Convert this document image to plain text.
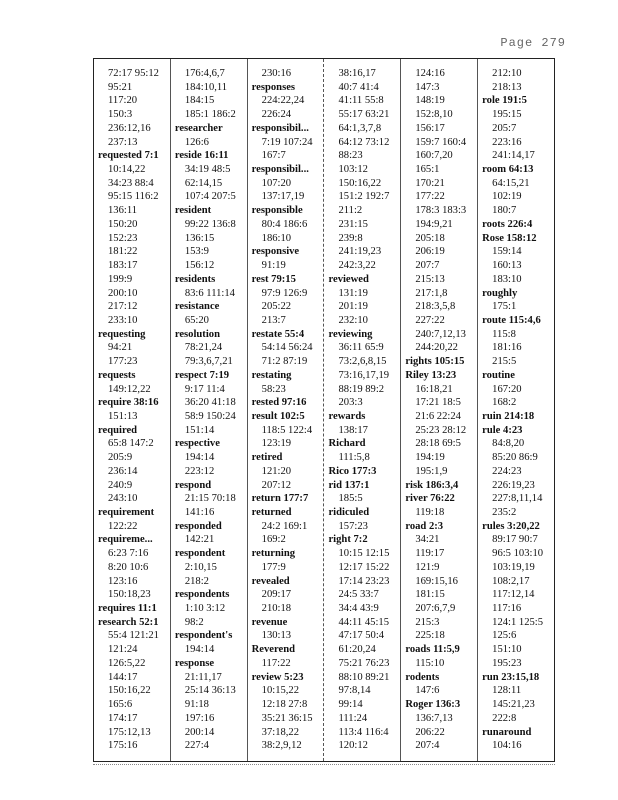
Page 279
72:17 95:12
95:21
117:20
150:3
236:12,16
237:13
requested 7:1
10:14,22
34:23 88:4
95:15 116:2
136:11
150:20
152:23
181:22
183:17
199:9
200:10
217:12
233:10
requesting
94:21
177:23
requests
149:12,22
require 38:16
151:13
required
65:8 147:2
205:9
236:14
240:9
243:10
requirement
122:22
requireme...
6:23 7:16
8:20 10:6
123:16
150:18,23
requires 11:1
research 52:1
55:4 121:21
121:24
126:5,22
144:17
150:16,22
165:6
174:17
175:12,13
175:16
176:4,6,7
184:10,11
184:15
185:1 186:2
researcher
126:6
reside 16:11
34:19 48:5
62:14,15
107:4 207:5
resident
99:22 136:8
136:15
153:9
156:12
residents
83:6 111:14
resistance
65:20
resolution
78:21,24
79:3,6,7,21
respect 7:19
9:17 11:4
36:20 41:18
58:9 150:24
151:14
respective
194:14
223:12
respond
21:15 70:18
141:16
responded
142:21
respondent
2:10,15
218:2
respondents
1:10 3:12
98:2
respondent's
194:14
response
21:11,17
25:14 36:13
91:18
197:16
200:14
227:4
230:16
responses
224:22,24
226:24
responsibil...
7:19 107:24
167:7
responsibil...
107:20
137:17,19
responsible
80:4 186:6
186:10
responsive
91:19
rest 79:15
97:9 126:9
205:22
213:7
restate 55:4
54:14 56:24
71:2 87:19
restating
58:23
rested 97:16
result 102:5
118:5 122:4
123:19
retired
121:20
207:12
return 177:7
returned
24:2 169:1
169:2
returning
177:9
revealed
209:17
210:18
revenue
130:13
Reverend
117:22
review 5:23
10:15,22
12:18 27:8
35:21 36:15
37:18,22
38:2,9,12
38:16,17
40:7 41:4
41:11 55:8
55:17 63:21
64:1,3,7,8
64:12 73:12
88:23
103:12
150:16,22
151:2 192:7
211:2
231:15
239:8
241:19,23
242:3,22
reviewed
131:19
201:19
232:10
reviewing
36:11 65:9
73:2,6,8,15
73:16,17,19
88:19 89:2
203:3
rewards
138:17
Richard
111:5,8
Rico 177:3
rid 137:1
185:5
ridiculed
157:23
right 7:2
10:15 12:15
12:17 15:22
17:14 23:23
24:5 33:7
34:4 43:9
44:11 45:15
47:17 50:4
61:20,24
75:21 76:23
88:10 89:21
97:8,14
99:14
111:24
113:4 116:4
120:12
124:16
147:3
148:19
152:8,10
156:17
159:7 160:4
160:7,20
165:1
170:21
177:22
178:3 183:3
194:9,21
205:18
206:19
207:7
215:13
217:1,8
218:3,5,8
227:22
240:7,12,13
244:20,22
rights 105:15
Riley 13:23
16:18,21
17:21 18:5
21:6 22:24
25:23 28:12
28:18 69:5
194:19
195:1,9
risk 186:3,4
river 76:22
119:18
road 2:3
34:21
119:17
121:9
169:15,16
181:15
207:6,7,9
215:3
225:18
roads 11:5,9
115:10
rodents
147:6
Roger 136:3
136:7,13
206:22
207:4
212:10
218:13
role 191:5
195:15
205:7
223:16
241:14,17
room 64:13
64:15,21
102:19
180:7
roots 226:4
Rose 158:12
159:14
160:13
183:10
roughly
175:1
route 115:4,6
115:8
181:16
215:5
routine
167:20
168:2
ruin 214:18
rule 4:23
84:8,20
85:20 86:9
224:23
226:19,23
227:8,11,14
235:2
rules 3:20,22
89:17 90:7
96:5 103:10
103:19,19
108:2,17
117:12,14
117:16
124:1 125:5
125:6
151:10
195:23
run 23:15,18
128:11
145:21,23
222:8
runaround
104:16
